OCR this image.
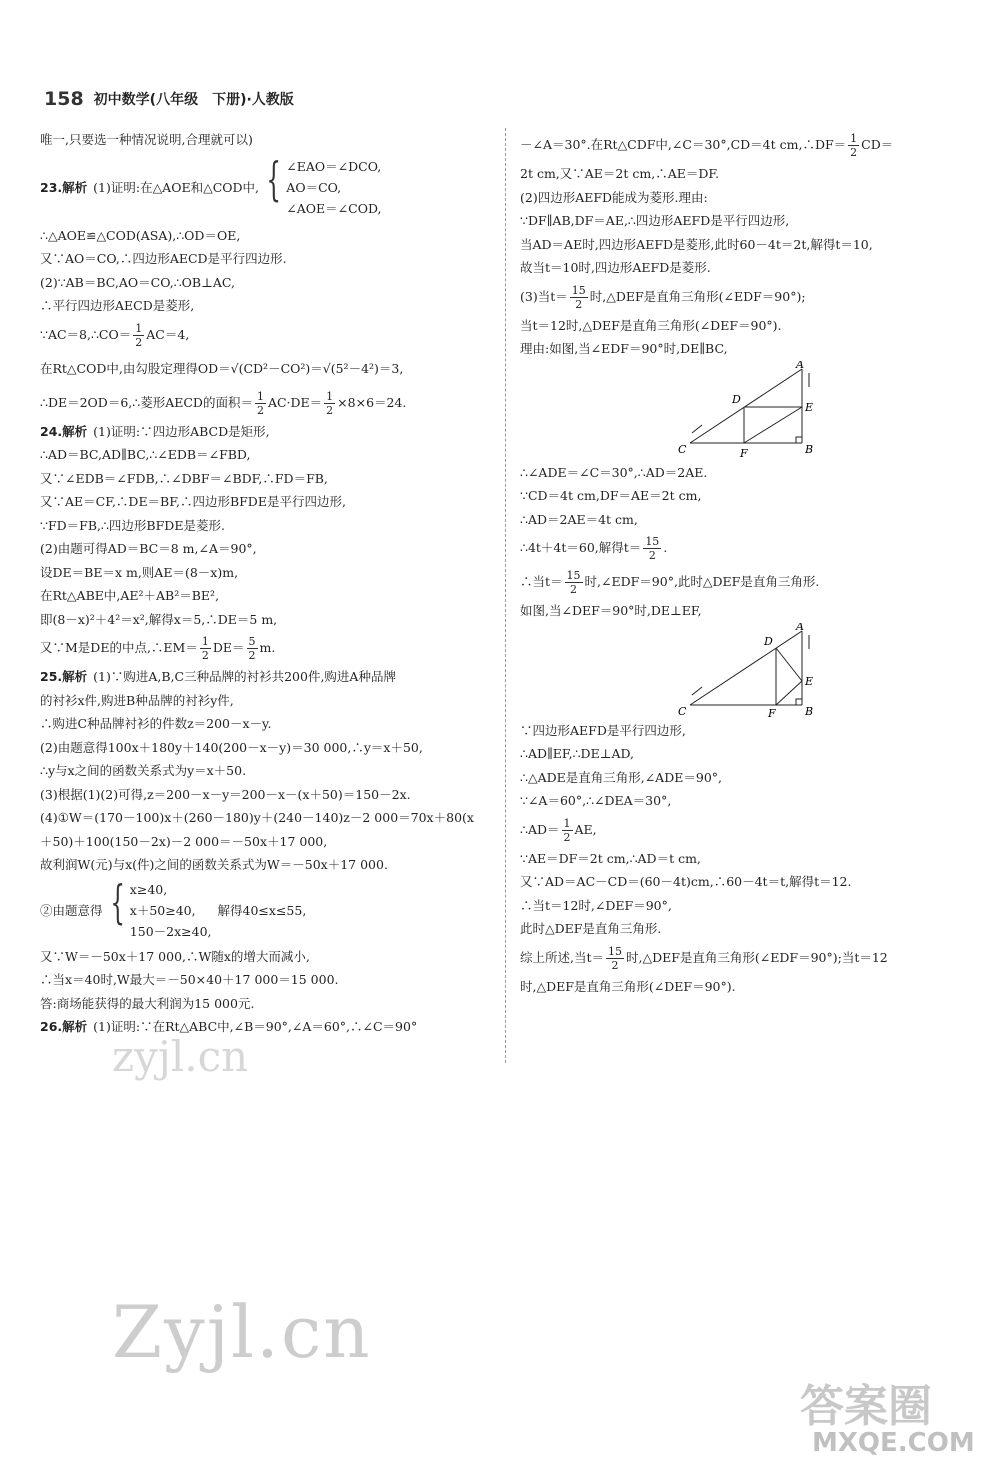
158 初中数学(八年级　下册)·人教版
唯一,只要选一种情况说明,合理就可以)
23.解析 (1)证明:在△AOE和△COD中, { ∠EAO＝∠DCO,
AO＝CO,
∠AOE＝∠COD,
∴△AOE≌△COD(ASA),∴OD＝OE,
又∵AO＝CO,∴四边形AECD是平行四边形.
(2)∵AB＝BC,AO＝CO,∴OB⊥AC,
∴平行四边形AECD是菱形,
∵AC＝8,∴CO＝ $\frac{1}{2} AC=4$,
在Rt△COD中,由勾股定理得OD＝√(CD²－CO²)＝√(5²－4²)＝3,
∴DE＝2OD＝6,∴菱形AECD的面积＝ $\frac{1}{2} AC\cdot DE= \frac{1}{2} \times 8\times 6=24$.
24.解析 (1)证明:∵四边形ABCD是矩形,
∴AD＝BC,AD∥BC,∴∠EDB＝∠FBD,
又∵∠EDB＝∠FDB,∴∠DBF＝∠BDF,∴FD＝FB,
又∵AE＝CF,∴DE＝BF,∴四边形BFDE是平行四边形,
∵FD＝FB,∴四边形BFDE是菱形.
(2)由题可得AD＝BC＝8 m,∠A＝90°,
设DE＝BE＝x m,则AE＝(8－x)m,
在Rt△ABE中,AE²＋AB²＝BE²,
即(8－x)²＋4²＝x²,解得x＝5,∴DE＝5 m,
又∵M是DE的中点,∴EM＝ $\frac{1}{2} DE= \frac{5}{2} m$.
25.解析 (1)∵购进A,B,C三种品牌的衬衫共200件,购进A种品牌
的衬衫x件,购进B种品牌的衬衫y件,
∴购进C种品牌衬衫的件数z＝200－x－y.
(2)由题意得100x＋180y＋140(200－x－y)＝30 000,∴y＝x＋50,
∴y与x之间的函数关系式为y＝x＋50.
(3)根据(1)(2)可得,z＝200－x－y＝200－x－(x＋50)＝150－2x.
(4)①W＝(170－100)x＋(260－180)y＋(240－140)z－2 000＝70x＋80(x
＋50)＋100(150－2x)－2 000＝－50x＋17 000,
故利润W(元)与x(件)之间的函数关系式为W＝－50x＋17 000.
②由题意得 { x≥40,
x＋50≥40,
150－2x≥40,
解得40≤x≤55,
又∵W＝－50x＋17 000,∴W随x的增大而减小,
∴当x＝40时,W最大＝－50×40＋17 000＝15 000.
答:商场能获得的最大利润为15 000元.
26.解析 (1)证明:∵在Rt△ABC中,∠B＝90°,∠A＝60°,∴∠C＝90°
－∠A＝30°.在Rt△CDF中,∠C＝30°,CD＝4t cm,∴DF＝ $\frac{1}{2} CD=$
2t cm,又∵AE＝2t cm,∴AE＝DF.
(2)四边形AEFD能成为菱形.理由:
∵DF∥AB,DF＝AE,∴四边形AEFD是平行四边形,
当AD＝AE时,四边形AEFD是菱形,此时60－4t＝2t,解得t＝10,
故当t＝10时,四边形AEFD是菱形.
(3)当$t= \frac{15}{2}$ 时,△DEF是直角三角形(∠EDF＝90°);
当t＝12时,△DEF是直角三角形(∠DEF＝90°).
理由:如图,当∠EDF＝90°时,DE∥BC,
A
D
E
C	F	B
∴∠ADE＝∠C＝30°,∴AD＝2AE.
∵CD＝4t cm,DF＝AE＝2t cm,
∴AD＝2AE＝4t cm,
∴4t＋4t＝60,解得$t= \frac{15}{2}$ .
∴当$t= \frac{15}{2}$ 时,∠EDF＝90°,此时△DEF是直角三角形.
如图,当∠DEF＝90°时,DE⊥EF,
A
D
E
C	F	B
∵四边形AEFD是平行四边形,
∴AD∥EF,∴DE⊥AD,
∴△ADE是直角三角形,∠ADE＝90°,
∵∠A＝60°,∴∠DEA＝30°,
∴AD＝ $\frac{1}{2}$ AE,
∵AE＝DF＝2t cm,∴AD＝t cm,
又∵AD＝AC－CD＝(60－4t)cm,∴60－4t＝t,解得t＝12.
∴当t＝12时,∠DEF＝90°,
此时△DEF是直角三角形.
综上所述,当$t= \frac{15}{2}$ 时,△DEF是直角三角形(∠EDF＝90°);当t＝12
时,△DEF是直角三角形(∠DEF＝90°).
zyjl.cn
Zyjl.cn
答案圈
MXQE.COM
